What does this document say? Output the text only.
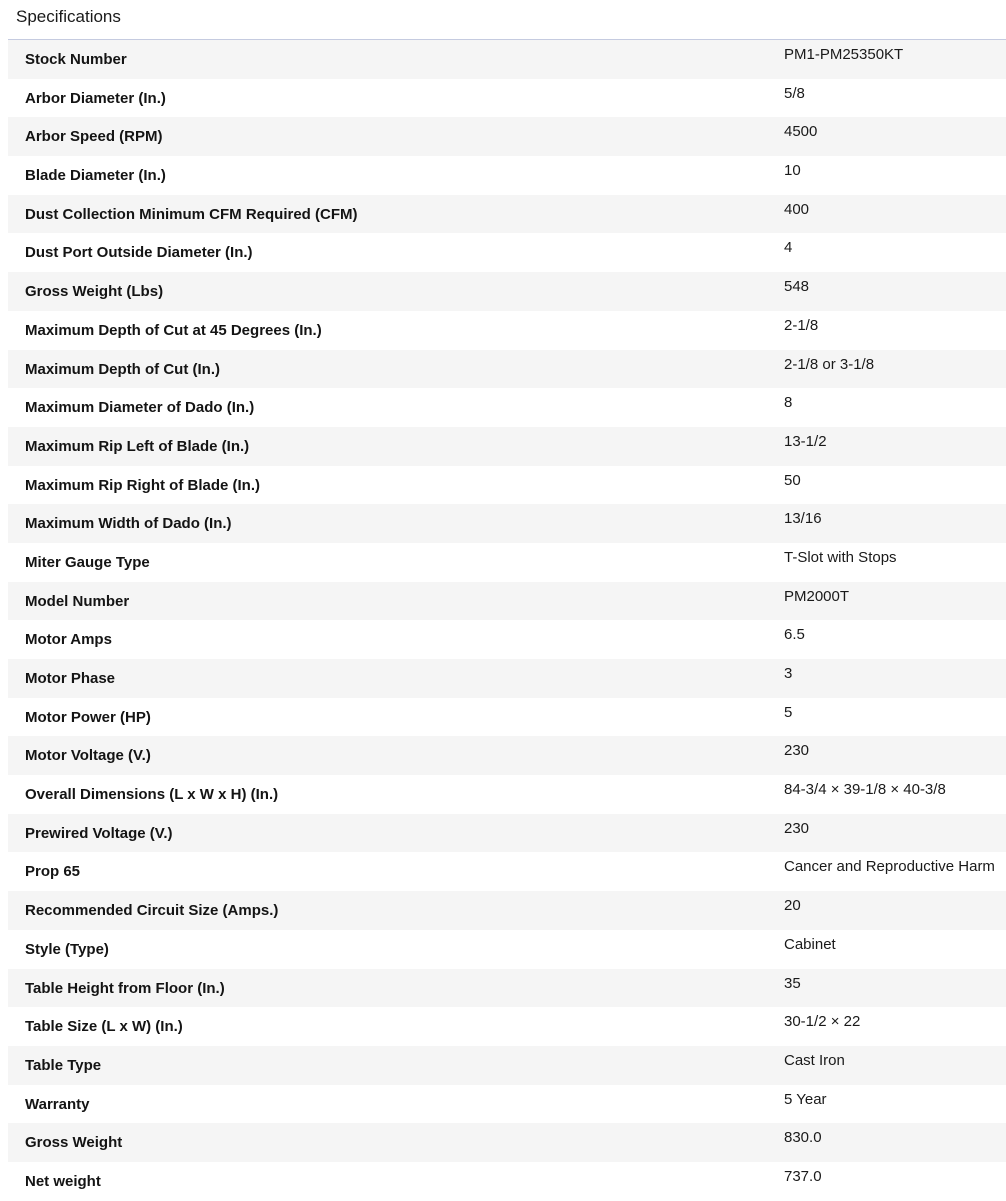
Specifications
Stock Number	PM1-PM25350KT
Arbor Diameter (In.)	5/8
Arbor Speed (RPM)	4500
Blade Diameter (In.)	10
Dust Collection Minimum CFM Required (CFM)	400
Dust Port Outside Diameter (In.)	4
Gross Weight (Lbs)	548
Maximum Depth of Cut at 45 Degrees (In.)	2-1/8
Maximum Depth of Cut (In.)	2-1/8 or 3-1/8
Maximum Diameter of Dado (In.)	8
Maximum Rip Left of Blade (In.)	13-1/2
Maximum Rip Right of Blade (In.)	50
Maximum Width of Dado (In.)	13/16
Miter Gauge Type	T-Slot with Stops
Model Number	PM2000T
Motor Amps	6.5
Motor Phase	3
Motor Power (HP)	5
Motor Voltage (V.)	230
Overall Dimensions (L x W x H) (In.)	84-3/4 × 39-1/8 × 40-3/8
Prewired Voltage (V.)	230
Prop 65	Cancer and Reproductive Harm
Recommended Circuit Size (Amps.)	20
Style (Type)	Cabinet
Table Height from Floor (In.)	35
Table Size (L x W) (In.)	30-1/2 × 22
Table Type	Cast Iron
Warranty	5 Year
Gross Weight	830.0
Net weight	737.0
